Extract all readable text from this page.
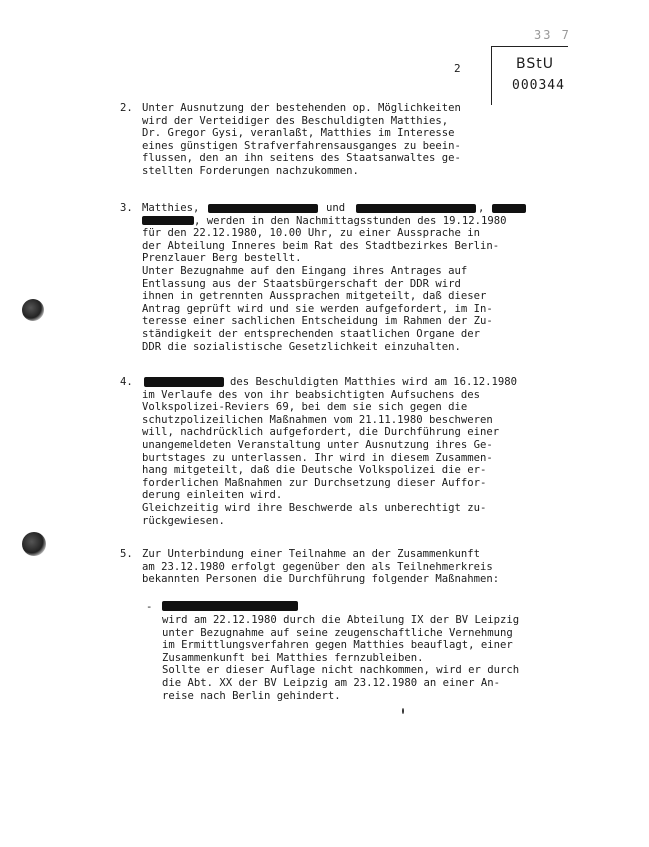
33 7
2	BStU
000344
2. Unter Ausnutzung der bestehenden op. Möglichkeiten
wird der Verteidiger des Beschuldigten Matthies,
Dr. Gregor Gysi, veranlaßt, Matthies im Interesse
eines günstigen Strafverfahrensausganges zu beein-
flussen, den an ihn seitens des Staatsanwaltes ge-
stellten Forderungen nachzukommen.
3. Matthies,	und	,
, werden in den Nachmittagsstunden des 19.12.1980
für den 22.12.1980, 10.00 Uhr, zu einer Aussprache in
der Abteilung Inneres beim Rat des Stadtbezirkes Berlin-
Prenzlauer Berg bestellt.
Unter Bezugnahme auf den Eingang ihres Antrages auf
Entlassung aus der Staatsbürgerschaft der DDR wird
ihnen in getrennten Aussprachen mitgeteilt, daß dieser
Antrag geprüft wird und sie werden aufgefordert, im In-
teresse einer sachlichen Entscheidung im Rahmen der Zu-
ständigkeit der entsprechenden staatlichen Organe der
DDR die sozialistische Gesetzlichkeit einzuhalten.
4.	des Beschuldigten Matthies wird am 16.12.1980
im Verlaufe des von ihr beabsichtigten Aufsuchens des
Volkspolizei-Reviers 69, bei dem sie sich gegen die
schutzpolizeilichen Maßnahmen vom 21.11.1980 beschweren
will, nachdrücklich aufgefordert, die Durchführung einer
unangemeldeten Veranstaltung unter Ausnutzung ihres Ge-
burtstages zu unterlassen. Ihr wird in diesem Zusammen-
hang mitgeteilt, daß die Deutsche Volkspolizei die er-
forderlichen Maßnahmen zur Durchsetzung dieser Auffor-
derung einleiten wird.
Gleichzeitig wird ihre Beschwerde als unberechtigt zu-
rückgewiesen.
5. Zur Unterbindung einer Teilnahme an der Zusammenkunft
am 23.12.1980 erfolgt gegenüber den als Teilnehmerkreis
bekannten Personen die Durchführung folgender Maßnahmen:
-
wird am 22.12.1980 durch die Abteilung IX der BV Leipzig
unter Bezugnahme auf seine zeugenschaftliche Vernehmung
im Ermittlungsverfahren gegen Matthies beauflagt, einer
Zusammenkunft bei Matthies fernzubleiben.
Sollte er dieser Auflage nicht nachkommen, wird er durch
die Abt. XX der BV Leipzig am 23.12.1980 an einer An-
reise nach Berlin gehindert.
